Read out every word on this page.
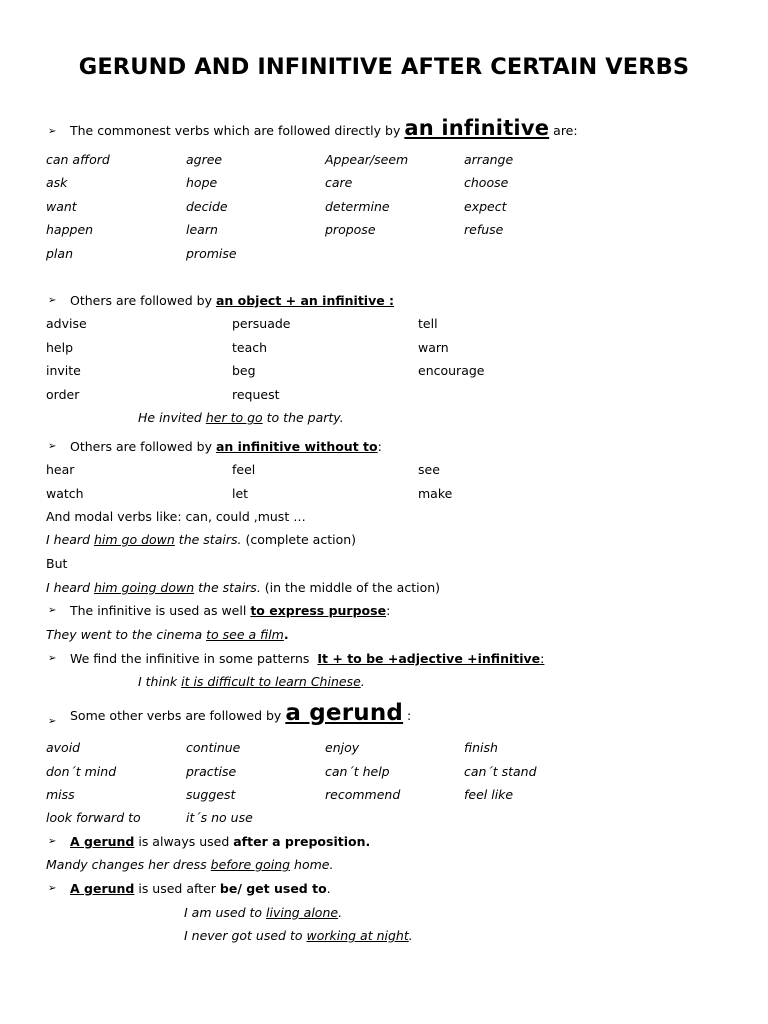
GERUND AND INFINITIVE AFTER CERTAIN VERBS
➢ The commonest verbs which are followed directly by an infinitive are:
can afford	agree	Appear/seem	arrange
ask	hope	care	choose
want	decide	determine	expect
happen	learn	propose	refuse
plan	promise
➢ Others are followed by an object + an infinitive :
advise	persuade	tell
help	teach	warn
invite	beg	encourage
order	request
He invited her to go to the party.
➢ Others are followed by an infinitive without to:
hear	feel	see
watch	let	make
And modal verbs like: can, could ,must …
I heard him go down the stairs. (complete action)
But
I heard him going down the stairs. (in the middle of the action)
➢ The infinitive is used as well to express purpose:
They went to the cinema to see a film.
➢ We find the infinitive in some patterns It + to be +adjective +infinitive:
I think it is difficult to learn Chinese.
➢ Some other verbs are followed by a gerund :
avoid	continue	enjoy	finish
don´t mind	practise	can´t help	can´t stand
miss	suggest	recommend	feel like
look forward to	it´s no use
➢ A gerund is always used after a preposition.
Mandy changes her dress before going home.
➢ A gerund is used after be/ get used to.
I am used to living alone.
I never got used to working at night.
